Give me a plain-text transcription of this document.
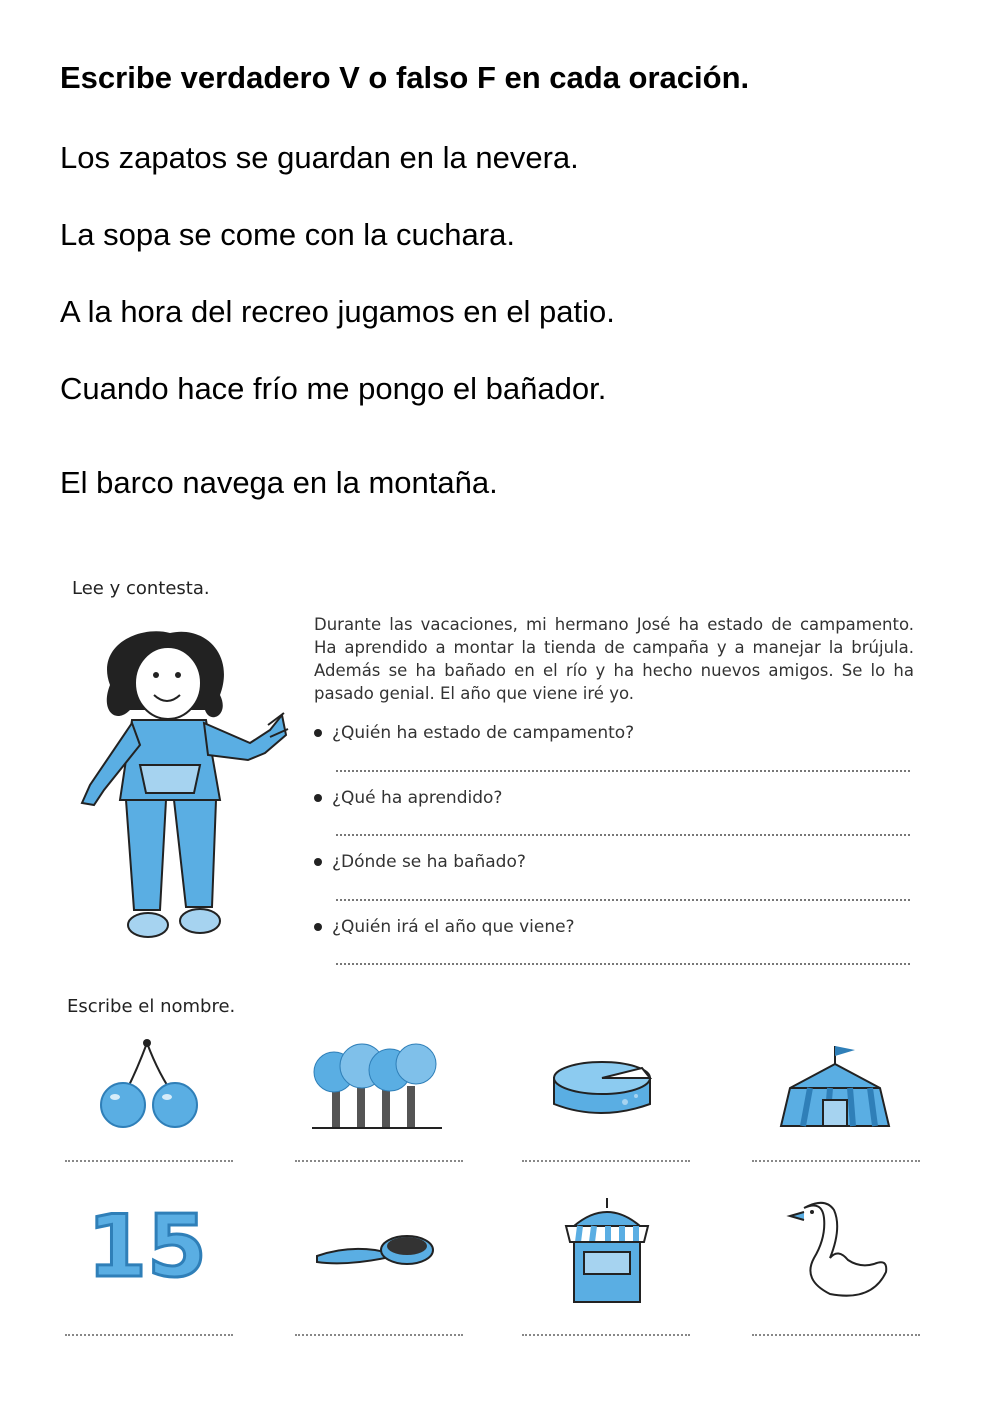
Escribe verdadero V o falso F en cada oración.
Los zapatos se guardan en la nevera.
La sopa se come con la cuchara.
A la hora del recreo jugamos en el patio.
Cuando hace frío me pongo el bañador.
El barco navega en la montaña.
Lee y contesta.
Durante las vacaciones, mi hermano José ha estado de campamento. Ha aprendido a montar la tienda de campaña y a manejar la brújula. Además se ha bañado en el río y ha hecho nuevos amigos. Se lo ha pasado genial. El año que viene iré yo.
¿Quién ha estado de campamento?
¿Qué ha aprendido?
¿Dónde se ha bañado?
¿Quién irá el año que viene?
Escribe el nombre.
15
